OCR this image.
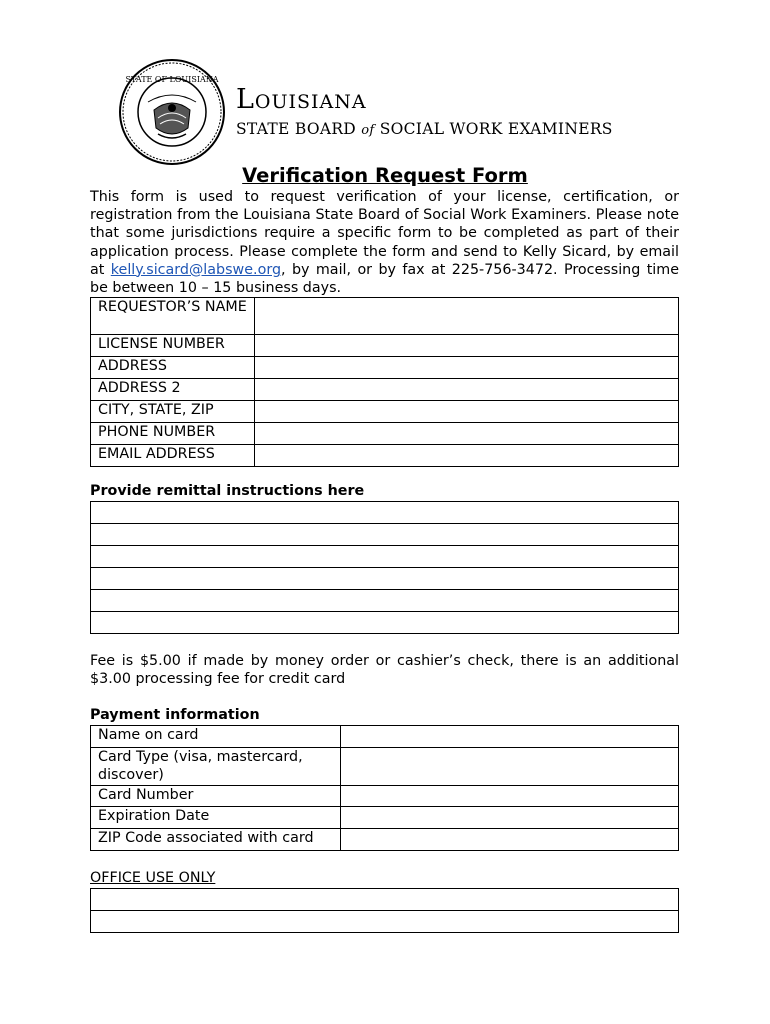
STATE OF LOUISIANA
Louisiana
STATE BOARD of SOCIAL WORK EXAMINERS
Verification Request Form
This form is used to request verification of your license, certification, or registration from the Louisiana State Board of Social Work Examiners. Please note that some jurisdictions require a specific form to be completed as part of their application process. Please complete the form and send to Kelly Sicard, by email at kelly.sicard@labswe.org, by mail, or by fax at 225-756-3472. Processing time be between 10 – 15 business days.
REQUESTOR’S NAME	
LICENSE NUMBER	
ADDRESS	
ADDRESS 2	
CITY, STATE, ZIP	
PHONE NUMBER	
EMAIL ADDRESS	
Provide remittal instructions here

Fee is $5.00 if made by money order or cashier’s check, there is an additional $3.00 processing fee for credit card
Payment information
Name on card	
Card Type (visa, mastercard, discover)	
Card Number	
Expiration Date	
ZIP Code associated with card	
OFFICE USE ONLY
